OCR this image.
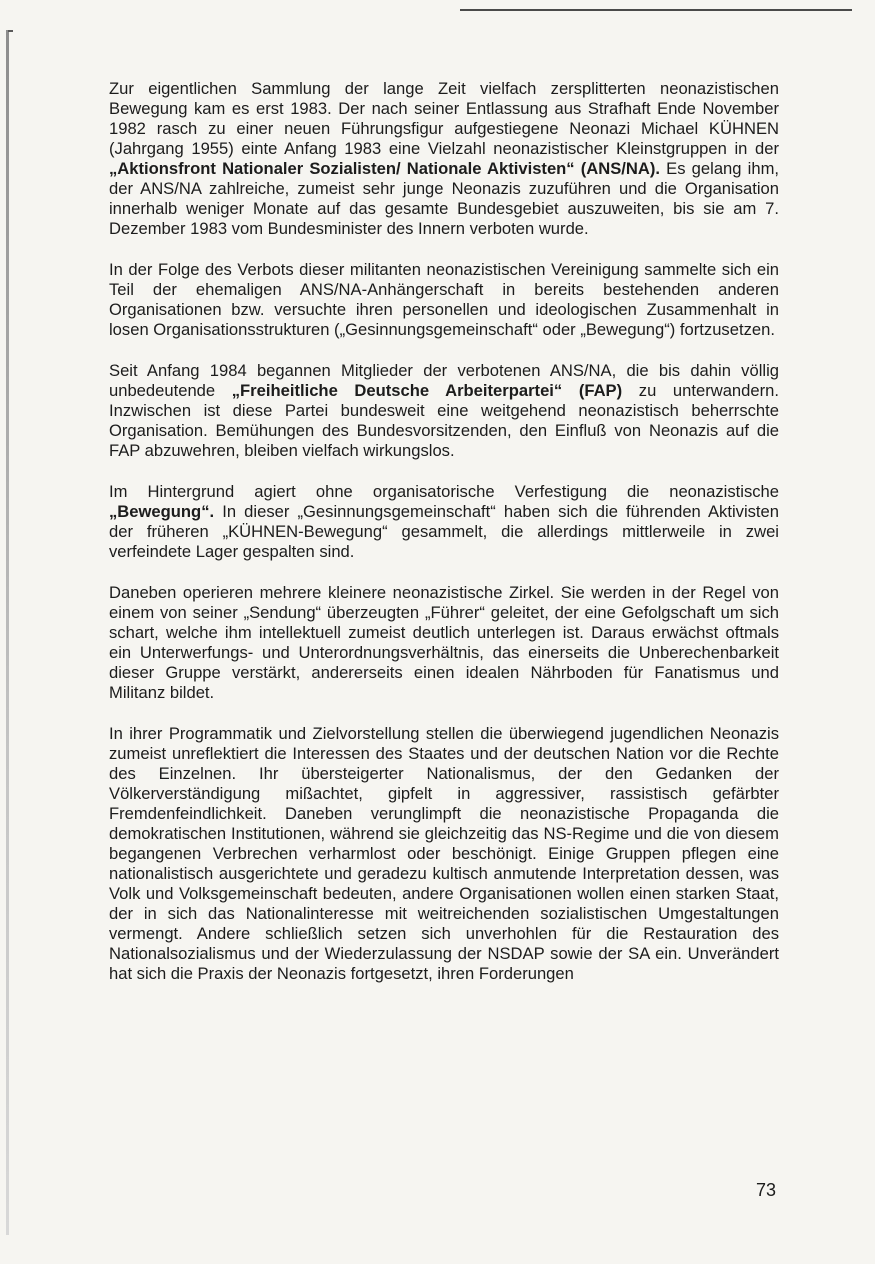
Zur eigentlichen Sammlung der lange Zeit vielfach zersplitterten neonazistischen Bewegung kam es erst 1983. Der nach seiner Entlassung aus Strafhaft Ende November 1982 rasch zu einer neuen Führungsfigur aufgestiegene Neonazi Michael KÜHNEN (Jahrgang 1955) einte Anfang 1983 eine Vielzahl neonazistischer Kleinstgruppen in der „Aktionsfront Nationaler Sozialisten/ Nationale Aktivisten“ (ANS/NA). Es gelang ihm, der ANS/NA zahlreiche, zumeist sehr junge Neonazis zuzuführen und die Organisation innerhalb weniger Monate auf das gesamte Bundesgebiet auszuweiten, bis sie am 7. Dezember 1983 vom Bundesminister des Innern verboten wurde.

In der Folge des Verbots dieser militanten neonazistischen Vereinigung sammelte sich ein Teil der ehemaligen ANS/NA-Anhängerschaft in bereits bestehenden anderen Organisationen bzw. versuchte ihren personellen und ideologischen Zusammenhalt in losen Organisationsstrukturen („Gesinnungsgemeinschaft“ oder „Bewegung“) fortzusetzen.

Seit Anfang 1984 begannen Mitglieder der verbotenen ANS/NA, die bis dahin völlig unbedeutende „Freiheitliche Deutsche Arbeiterpartei“ (FAP) zu unterwandern. Inzwischen ist diese Partei bundesweit eine weitgehend neonazistisch beherrschte Organisation. Bemühungen des Bundesvorsitzenden, den Einfluß von Neonazis auf die FAP abzuwehren, bleiben vielfach wirkungslos.

Im Hintergrund agiert ohne organisatorische Verfestigung die neonazistische „Bewegung“. In dieser „Gesinnungsgemeinschaft“ haben sich die führenden Aktivisten der früheren „KÜHNEN-Bewegung“ gesammelt, die allerdings mittlerweile in zwei verfeindete Lager gespalten sind.

Daneben operieren mehrere kleinere neonazistische Zirkel. Sie werden in der Regel von einem von seiner „Sendung“ überzeugten „Führer“ geleitet, der eine Gefolgschaft um sich schart, welche ihm intellektuell zumeist deutlich unterlegen ist. Daraus erwächst oftmals ein Unterwerfungs- und Unterordnungsverhältnis, das einerseits die Unberechenbarkeit dieser Gruppe verstärkt, andererseits einen idealen Nährboden für Fanatismus und Militanz bildet.

In ihrer Programmatik und Zielvorstellung stellen die überwiegend jugendlichen Neonazis zumeist unreflektiert die Interessen des Staates und der deutschen Nation vor die Rechte des Einzelnen. Ihr übersteigerter Nationalismus, der den Gedanken der Völkerverständigung mißachtet, gipfelt in aggressiver, rassistisch gefärbter Fremdenfeindlichkeit. Daneben verunglimpft die neonazistische Propaganda die demokratischen Institutionen, während sie gleichzeitig das NS-Regime und die von diesem begangenen Verbrechen verharmlost oder beschönigt. Einige Gruppen pflegen eine nationalistisch ausgerichtete und geradezu kultisch anmutende Interpretation dessen, was Volk und Volksgemeinschaft bedeuten, andere Organisationen wollen einen starken Staat, der in sich das Nationalinteresse mit weitreichenden sozialistischen Umgestaltungen vermengt. Andere schließlich setzen sich unverhohlen für die Restauration des Nationalsozialismus und der Wiederzulassung der NSDAP sowie der SA ein. Unverändert hat sich die Praxis der Neonazis fortgesetzt, ihren Forderungen

73
